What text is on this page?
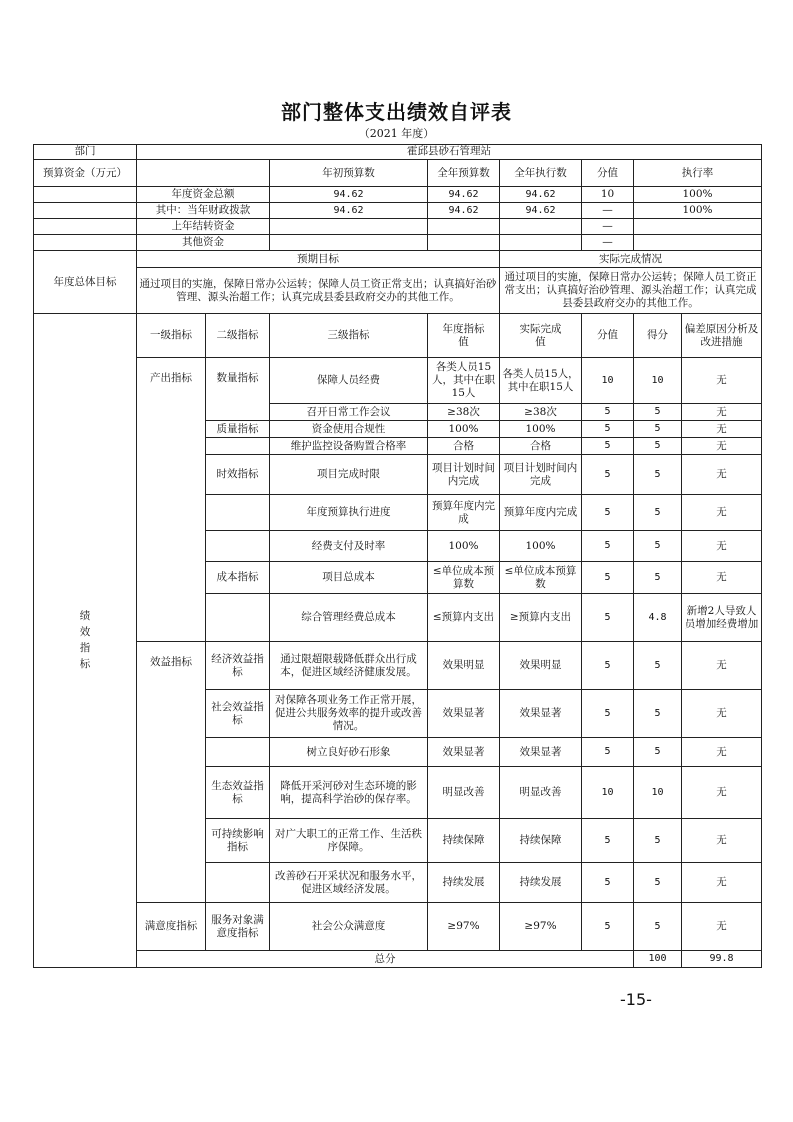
部门整体支出绩效自评表
（2021 年度）
部门	霍邱县砂石管理站								
预算资金（万元）			年初预算数	全年预算数	全年执行数	分值	执行率	
	年度资金总额		94.62	94.62	94.62	10	100%	
	其中：当年财政拨款		94.62	94.62	94.62	—	100%	
	上年结转资金					—		
	其他资金					—		
年度总体目标	预期目标				实际完成情况				
	通过项目的实施，保障日常办公运转；保障人员工资正常支出；认真搞好治砂管理、源头治超工作；认真完成县委县政府交办的其他工作。				通过项目的实施，保障日常办公运转；保障人员工资正常支出；认真搞好治砂管理、源头治超工作；认真完成县委县政府交办的其他工作。				
绩效指标	一级指标	二级指标	三级指标	年度指标值	实际完成值	分值	得分	偏差原因分析及改进措施	
	产出指标	数量指标	保障人员经费	各类人员15人，其中在职15人	各类人员15人，其中在职15人	10	10	无	
			召开日常工作会议	≥38次	≥38次	5	5	无	
		质量指标	资金使用合规性	100%	100%	5	5	无	
			维护监控设备购置合格率	合格	合格	5	5	无	
		时效指标	项目完成时限	项目计划时间内完成	项目计划时间内完成	5	5	无	
			年度预算执行进度	预算年度内完成	预算年度内完成	5	5	无	
			经费支付及时率	100%	100%	5	5	无	
		成本指标	项目总成本	≤单位成本预算数	≤单位成本预算数	5	5	无	
			综合管理经费总成本	≤预算内支出	≥预算内支出	5	4.8	新增2人导致人员增加经费增加	
	效益指标	经济效益指标	通过限超限载降低群众出行成本，促进区域经济健康发展。	效果明显	效果明显	5	5	无	
		社会效益指标	对保障各项业务工作正常开展，促进公共服务效率的提升或改善情况。	效果显著	效果显著	5	5	无	
			树立良好砂石形象	效果显著	效果显著	5	5	无	
		生态效益指标	降低开采河砂对生态环境的影响，提高科学治砂的保存率。	明显改善	明显改善	10	10	无	
		可持续影响指标	对广大职工的正常工作、生活秩序保障。	持续保障	持续保障	5	5	无	
			改善砂石开采状况和服务水平，促进区域经济发展。	持续发展	持续发展	5	5	无	
	满意度指标	服务对象满意度指标	社会公众满意度	≥97%	≥97%	5	5	无	
	总分						100	99.8	
-15-
